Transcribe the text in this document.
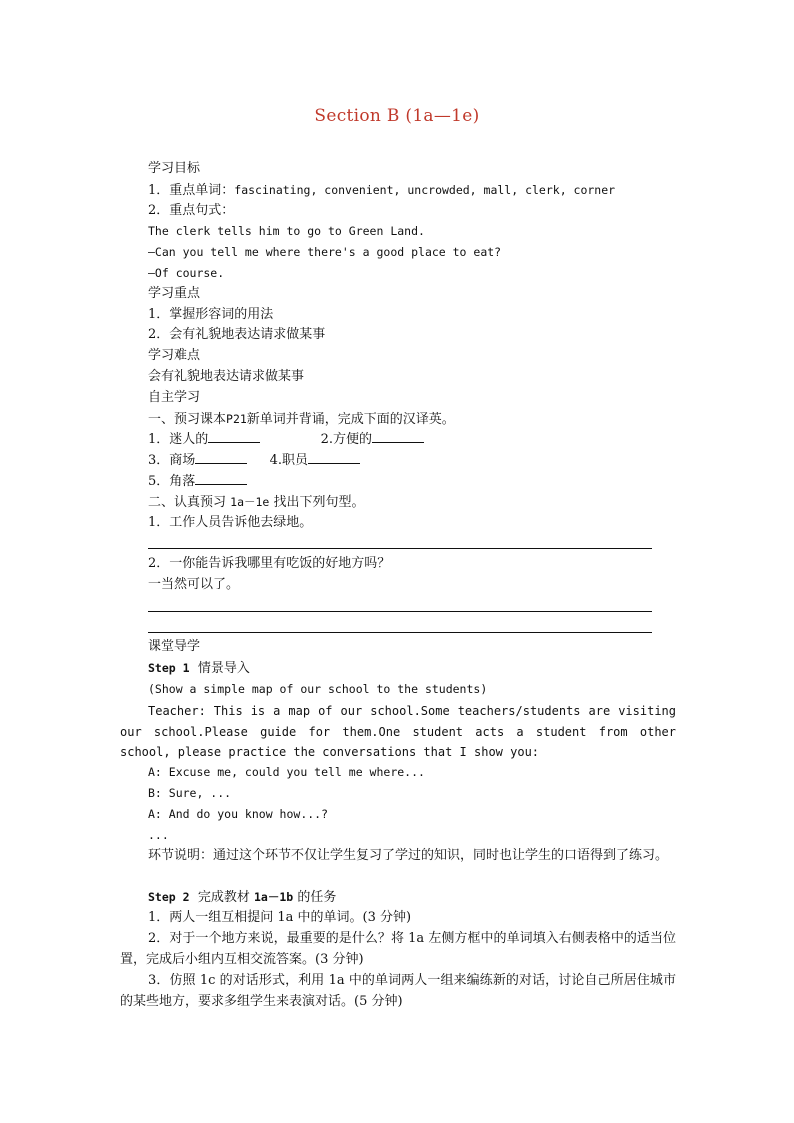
Section B (1a—1e)
学习目标
1．重点单词：fascinating, convenient, uncrowded, mall, clerk, corner
2．重点句式：
The clerk tells him to go to Green Land.
—Can you tell me where there's a good place to eat?
—Of course.
学习重点
1．掌握形容词的用法
2．会有礼貌地表达请求做某事
学习难点
会有礼貌地表达请求做某事
自主学习
一、预习课本P21新单词并背诵，完成下面的汉译英。
1．迷人的	2.方便的
3．商场	4.职员
5．角落
二、认真预习 1a－1e 找出下列句型。
1．工作人员告诉他去绿地。
2．一你能告诉我哪里有吃饭的好地方吗？
一当然可以了。
课堂导学
Step 1 情景导入
(Show a simple map of our school to the students)
Teacher: This is a map of our school.Some teachers/students are visiting our school.Please guide for them.One student acts a student from other school, please practice the conversations that I show you:
A: Excuse me, could you tell me where...
B: Sure, ...
A: And do you know how...?
...
环节说明：通过这个环节不仅让学生复习了学过的知识，同时也让学生的口语得到了练习。
Step 2 完成教材 1a－1b 的任务
1．两人一组互相提问 1a 中的单词。(3 分钟)
2．对于一个地方来说，最重要的是什么？将 1a 左侧方框中的单词填入右侧表格中的适当位置，完成后小组内互相交流答案。(3 分钟)
3．仿照 1c 的对话形式，利用 1a 中的单词两人一组来编练新的对话，讨论自己所居住城市的某些地方，要求多组学生来表演对话。(5 分钟)
